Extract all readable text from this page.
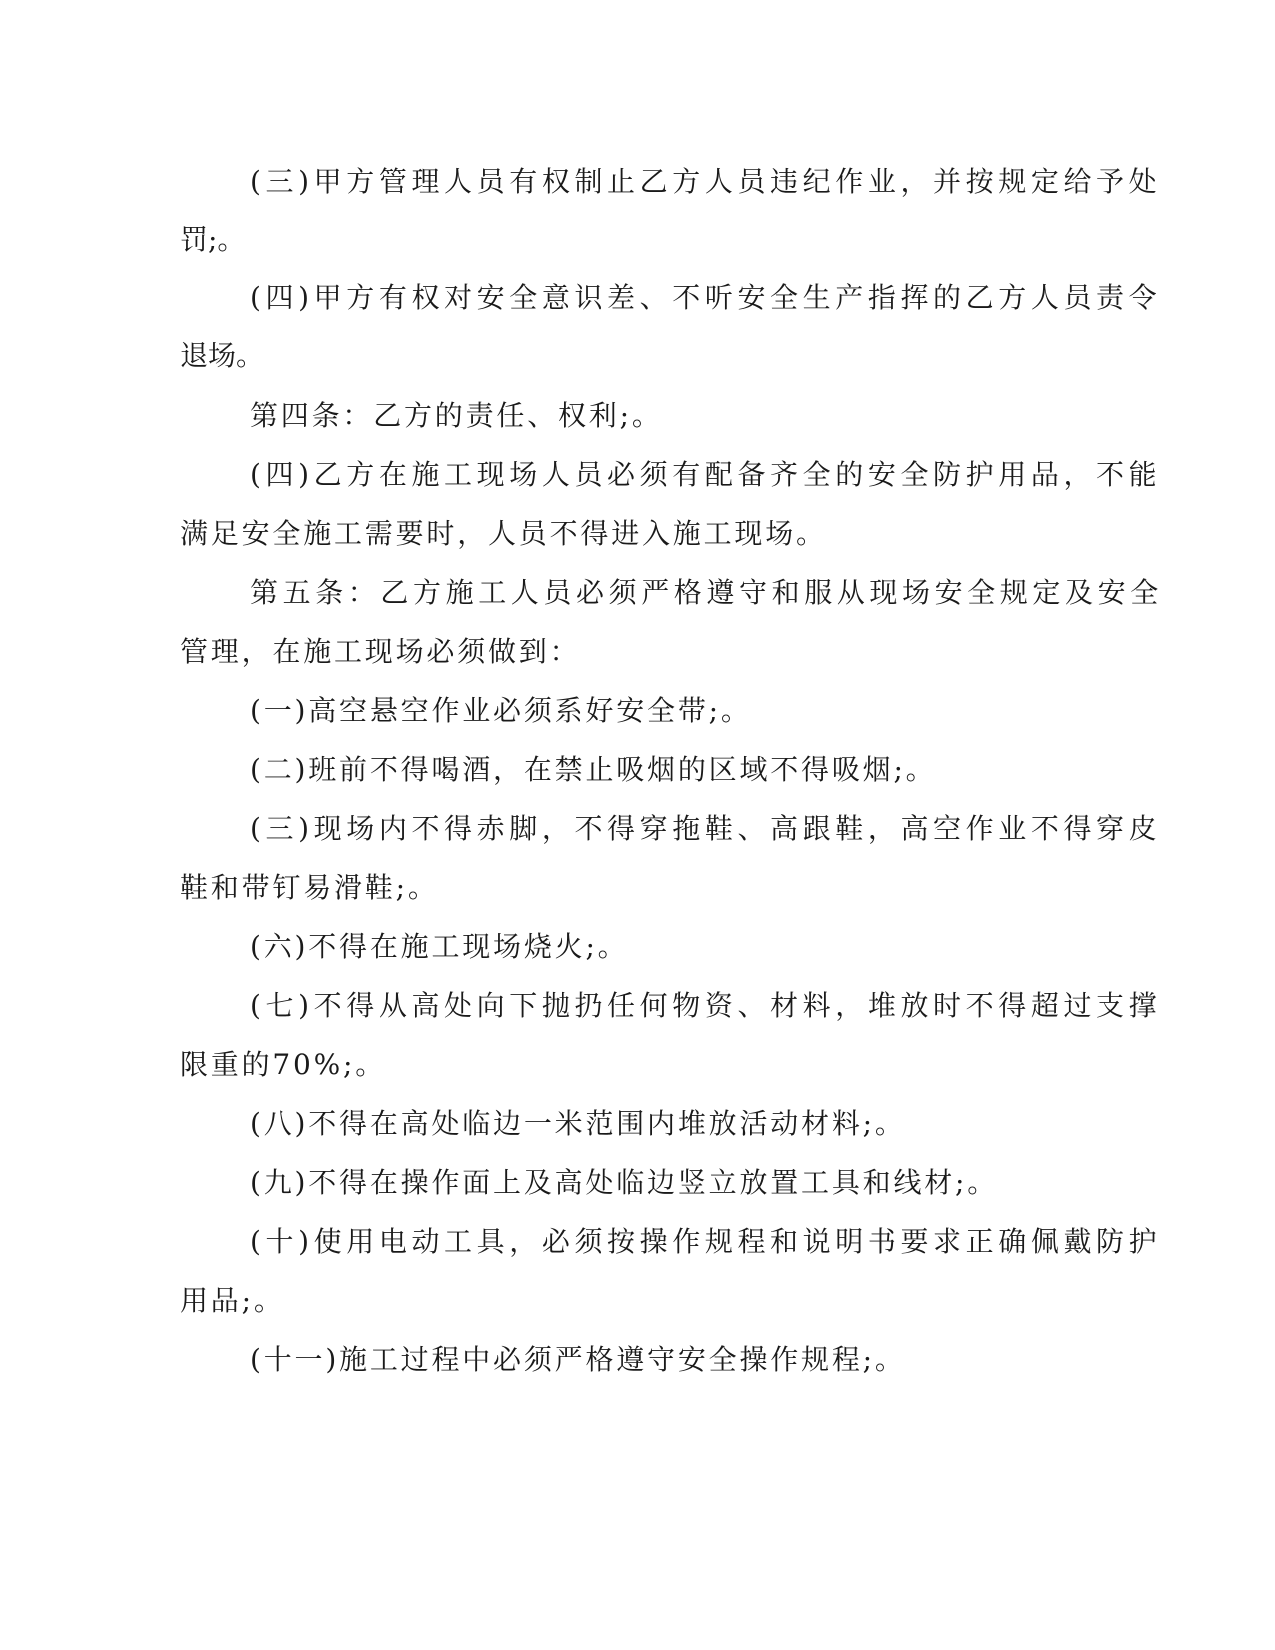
(三)甲方管理人员有权制止乙方人员违纪作业，并按规定给予处

罚;。

(四)甲方有权对安全意识差、不听安全生产指挥的乙方人员责令

退场。

第四条：乙方的责任、权利;。

(四)乙方在施工现场人员必须有配备齐全的安全防护用品，不能

满足安全施工需要时，人员不得进入施工现场。

第五条：乙方施工人员必须严格遵守和服从现场安全规定及安全

管理，在施工现场必须做到：

(一)高空悬空作业必须系好安全带;。

(二)班前不得喝酒，在禁止吸烟的区域不得吸烟;。

(三)现场内不得赤脚，不得穿拖鞋、高跟鞋，高空作业不得穿皮

鞋和带钉易滑鞋;。

(六)不得在施工现场烧火;。

(七)不得从高处向下抛扔任何物资、材料，堆放时不得超过支撑

限重的70%;。

(八)不得在高处临边一米范围内堆放活动材料;。

(九)不得在操作面上及高处临边竖立放置工具和线材;。

(十)使用电动工具，必须按操作规程和说明书要求正确佩戴防护

用品;。

(十一)施工过程中必须严格遵守安全操作规程;。
